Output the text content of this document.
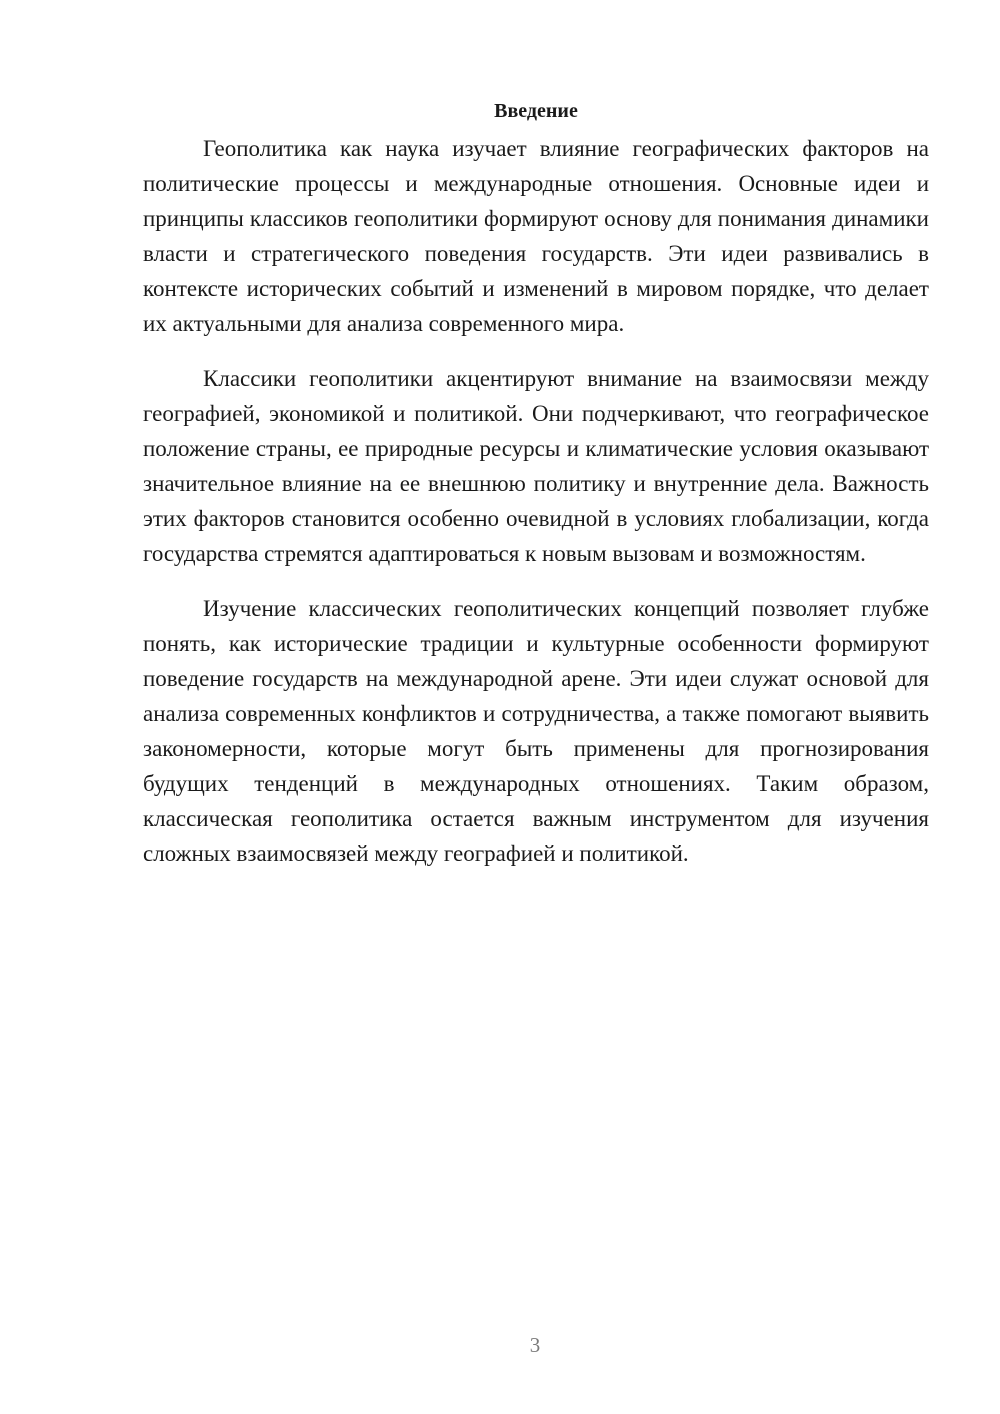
Введение

Геополитика как наука изучает влияние географических факторов на политические процессы и международные отношения. Основные идеи и принципы классиков геополитики формируют основу для понимания динамики власти и стратегического поведения государств. Эти идеи развивались в контексте исторических событий и изменений в мировом порядке, что делает их актуальными для анализа современного мира.

Классики геополитики акцентируют внимание на взаимосвязи между географией, экономикой и политикой. Они подчеркивают, что географическое положение страны, ее природные ресурсы и климатические условия оказывают значительное влияние на ее внешнюю политику и внутренние дела. Важность этих факторов становится особенно очевидной в условиях глобализации, когда государства стремятся адаптироваться к новым вызовам и возможностям.

Изучение классических геополитических концепций позволяет глубже понять, как исторические традиции и культурные особенности формируют поведение государств на международной арене. Эти идеи служат основой для анализа современных конфликтов и сотрудничества, а также помогают выявить закономерности, которые могут быть применены для прогнозирования будущих тенденций в международных отношениях. Таким образом, классическая геополитика остается важным инструментом для изучения сложных взаимосвязей между географией и политикой.

3
